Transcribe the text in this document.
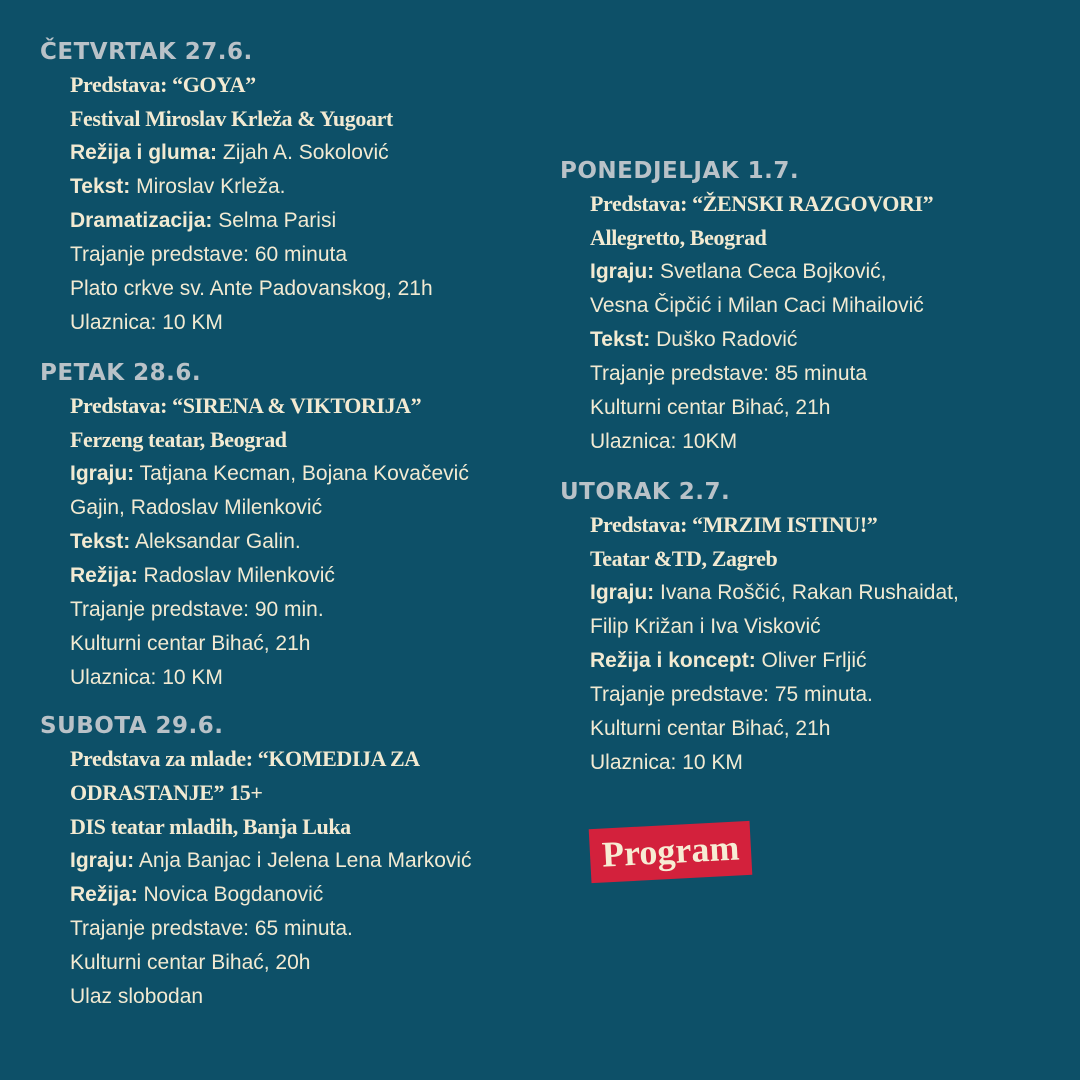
ČETVRTAK 27.6.
Predstava: “GOYA”
Festival Miroslav Krleža & Yugoart
Režija i gluma: Zijah A. Sokolović
Tekst: Miroslav Krleža.
Dramatizacija: Selma Parisi
Trajanje predstave: 60 minuta
Plato crkve sv. Ante Padovanskog, 21h
Ulaznica: 10 KM
PETAK 28.6.
Predstava: “SIRENA & VIKTORIJA”
Ferzeng teatar, Beograd
Igraju: Tatjana Kecman, Bojana Kovačević
Gajin, Radoslav Milenković
Tekst: Aleksandar Galin.
Režija: Radoslav Milenković
Trajanje predstave: 90 min.
Kulturni centar Bihać, 21h
Ulaznica: 10 KM
SUBOTA 29.6.
Predstava za mlade: “KOMEDIJA ZA
ODRASTANJE” 15+
DIS teatar mladih, Banja Luka
Igraju: Anja Banjac i Jelena Lena Marković
Režija: Novica Bogdanović
Trajanje predstave: 65 minuta.
Kulturni centar Bihać, 20h
Ulaz slobodan
PONEDJELJAK 1.7.
Predstava: “ŽENSKI RAZGOVORI”
Allegretto, Beograd
Igraju: Svetlana Ceca Bojković,
Vesna Čipčić i Milan Caci Mihailović
Tekst: Duško Radović
Trajanje predstave: 85 minuta
Kulturni centar Bihać, 21h
Ulaznica: 10KM
UTORAK 2.7.
Predstava: “MRZIM ISTINU!”
Teatar &TD, Zagreb
Igraju: Ivana Roščić, Rakan Rushaidat,
Filip Križan i Iva Visković
Režija i koncept: Oliver Frljić
Trajanje predstave: 75 minuta.
Kulturni centar Bihać, 21h
Ulaznica: 10 KM
Program
